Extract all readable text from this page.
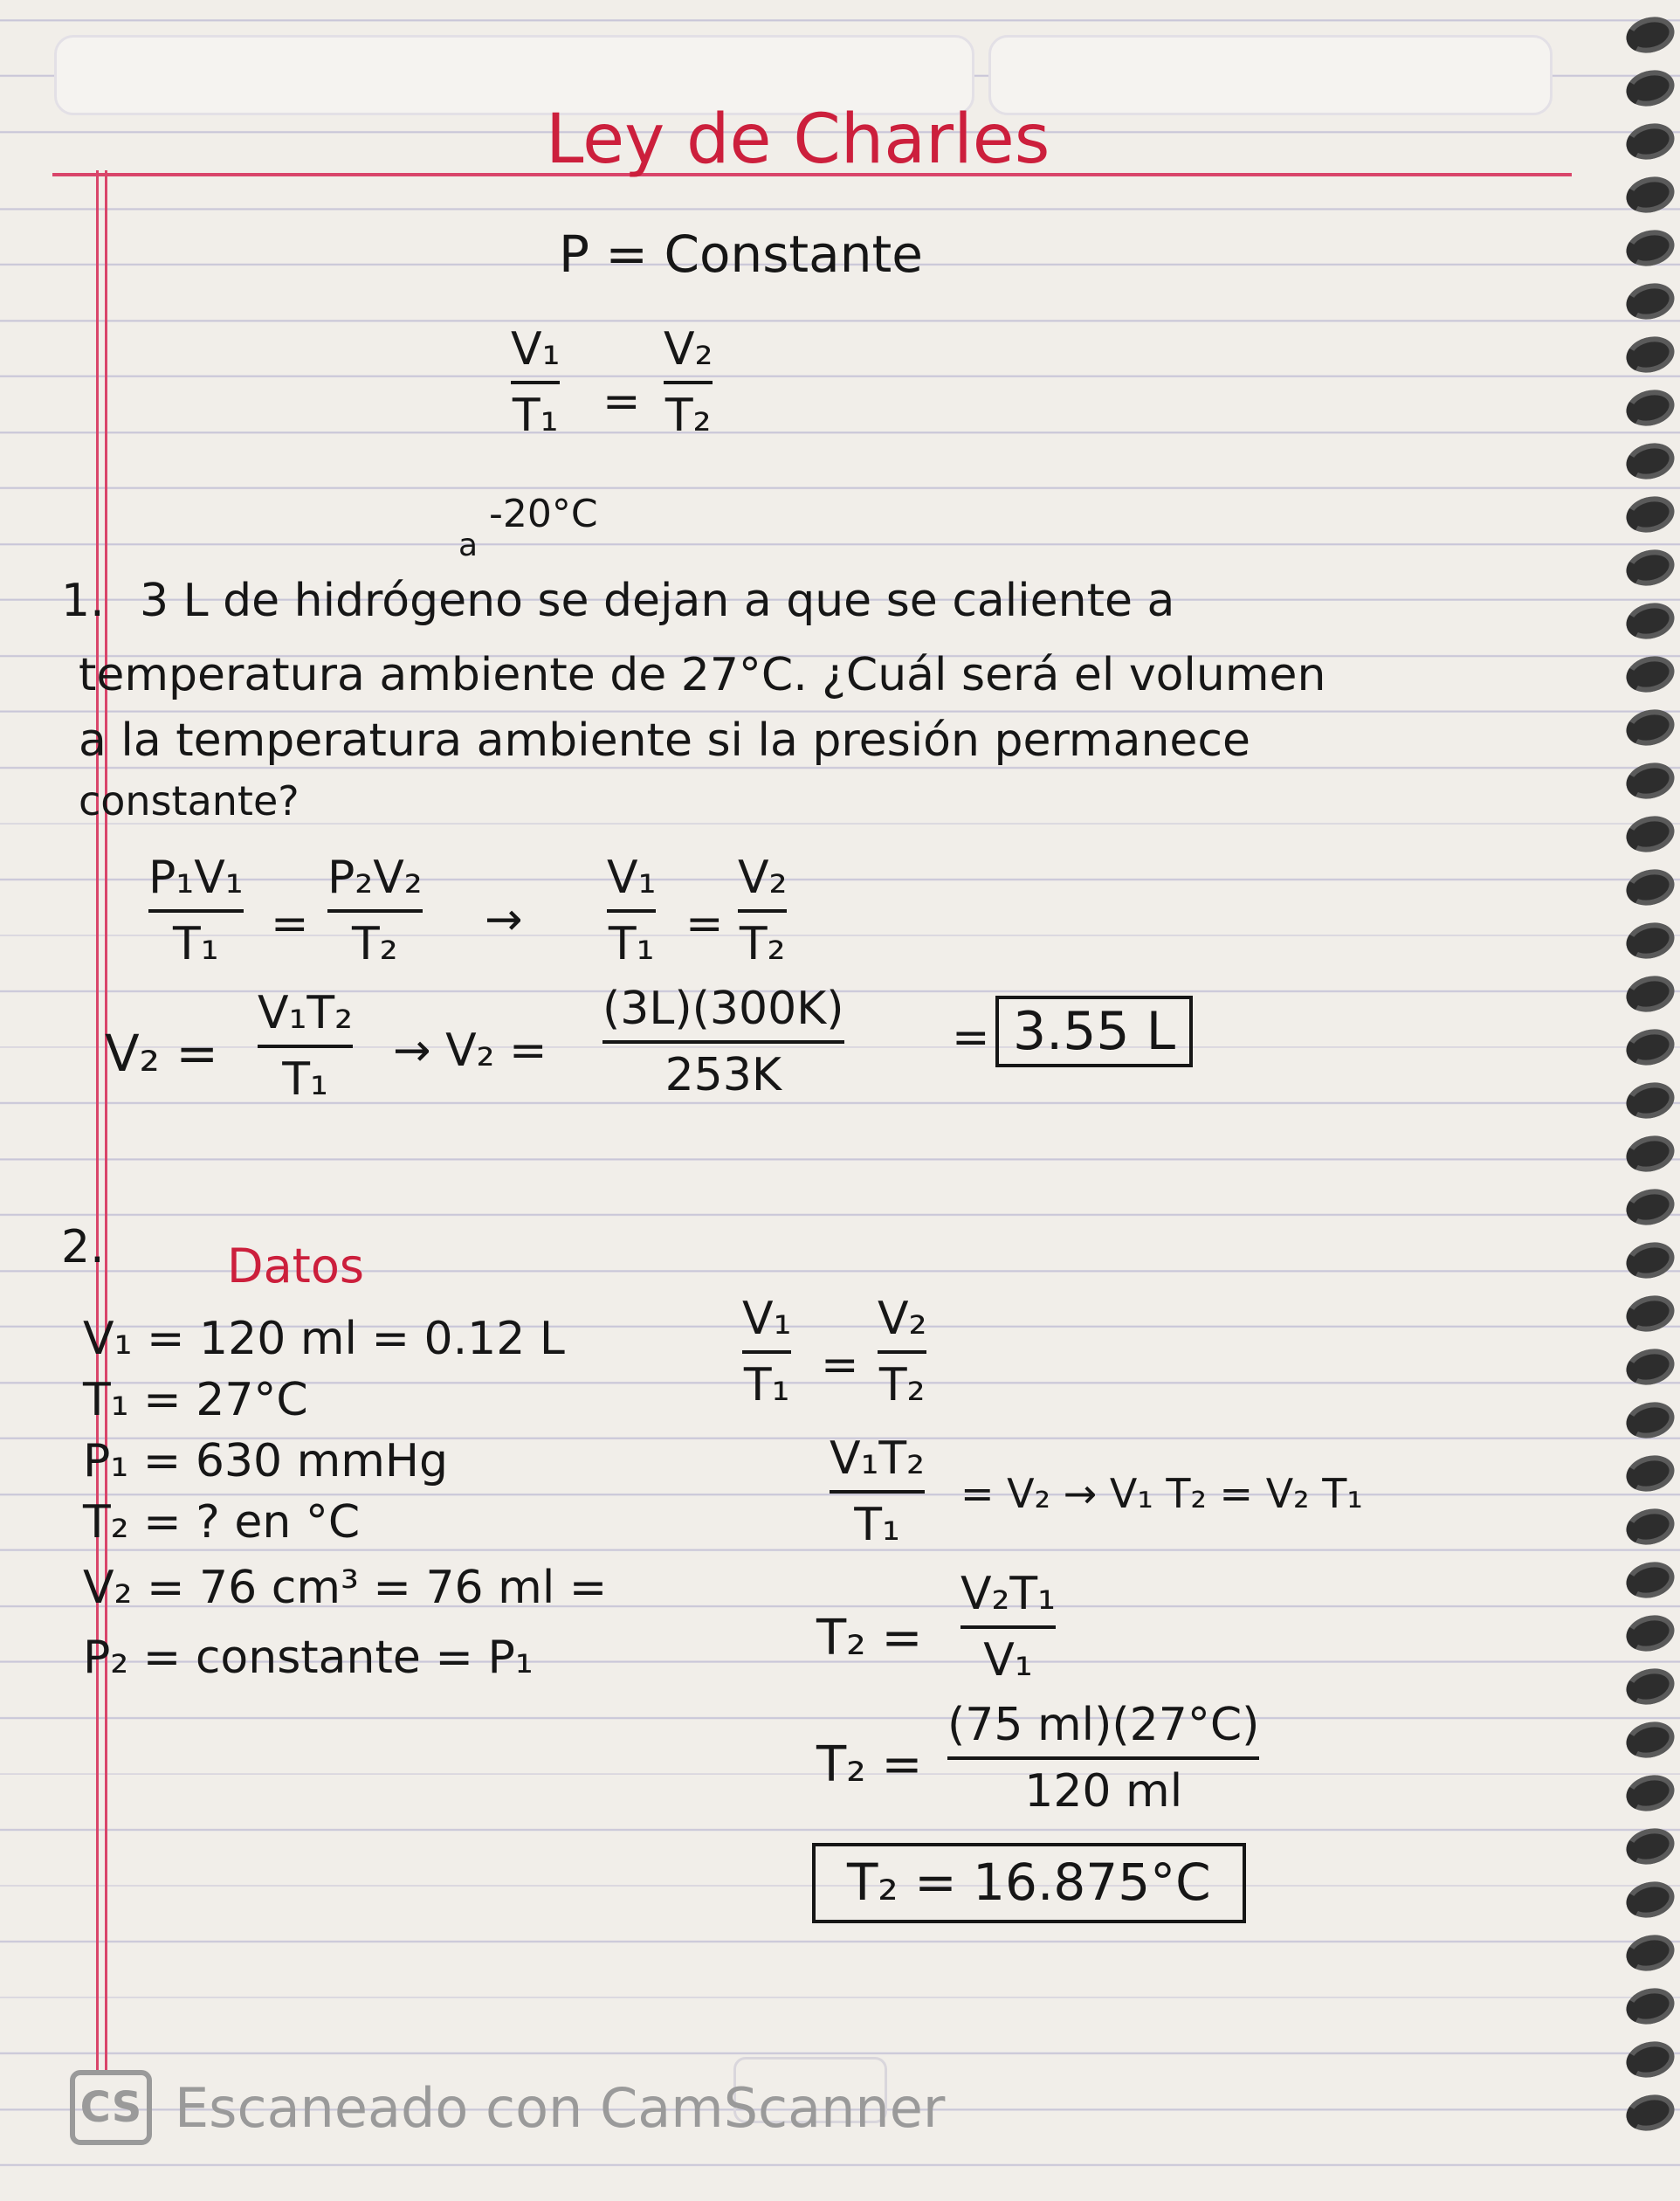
Ley de Charles
P = Constante
V₁
T₁ =
V₂
T₂
-20°C
a
1. 3 L de hidrógeno se dejan a que se caliente a
temperatura ambiente de 27°C. ¿Cuál será el volumen
a la temperatura ambiente si la presión permanece
constante?
P₁V₁
T₁ =
P₂V₂
T₂ →
V₁
T₁ =
V₂
T₂
V₂ =
V₁T₂
T₁
→ V₂ =
(3L)(300K)
253K
= 3.55 L
2.	Datos
V₁ = 120 ml = 0.12 L
T₁ = 27°C
P₁ = 630 mmHg
T₂ = ? en °C
V₂ = 76 cm³ = 76 ml =
P₂ = constante = P₁
V₁
T₁ =
V₂
T₂
V₁T₂
T₁
= V₂ → V₁ T₂ = V₂ T₁
T₂ =
V₂T₁
V₁
T₂ =
(75 ml)(27°C)
120 ml
T₂ = 16.875°C
CS Escaneado con CamScanner
